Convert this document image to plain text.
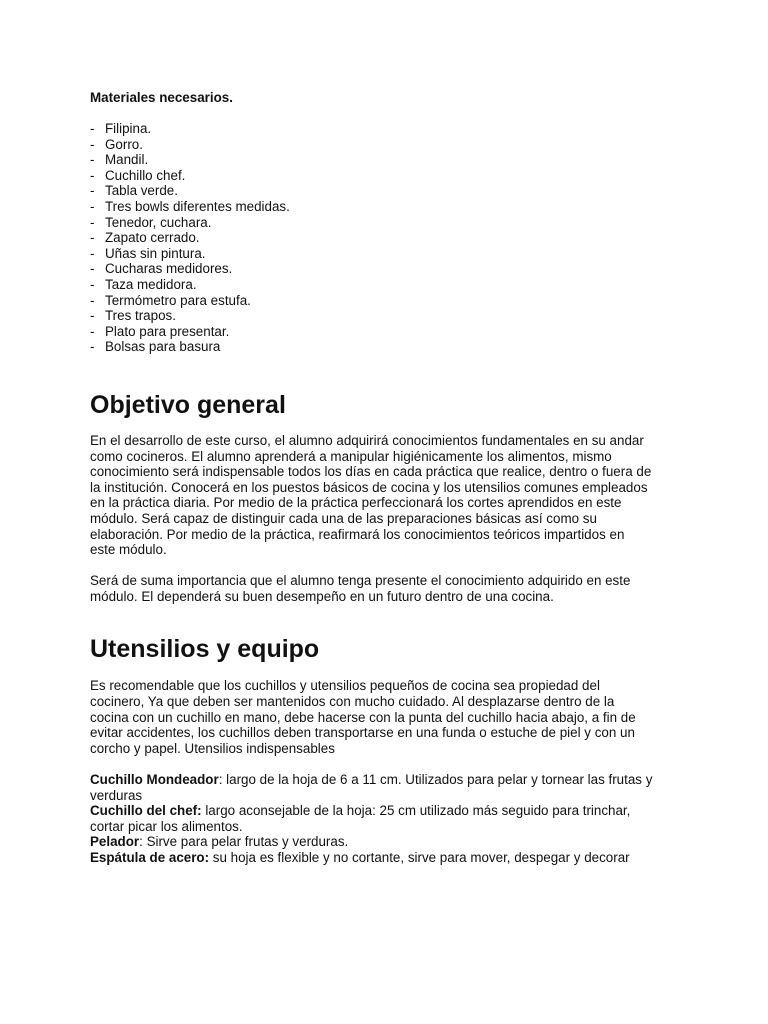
Materiales necesarios.
- Filipina.
- Gorro.
- Mandil.
- Cuchillo chef.
- Tabla verde.
- Tres bowls diferentes medidas.
- Tenedor, cuchara.
- Zapato cerrado.
- Uñas sin pintura.
- Cucharas medidores.
- Taza medidora.
- Termómetro para estufa.
- Tres trapos.
- Plato para presentar.
- Bolsas para basura
Objetivo general

En el desarrollo de este curso, el alumno adquirirá conocimientos fundamentales en su andar
como cocineros. El alumno aprenderá a manipular higiénicamente los alimentos, mismo
conocimiento será indispensable todos los días en cada práctica que realice, dentro o fuera de
la institución. Conocerá en los puestos básicos de cocina y los utensilios comunes empleados
en la práctica diaria. Por medio de la práctica perfeccionará los cortes aprendidos en este
módulo. Será capaz de distinguir cada una de las preparaciones básicas así como su
elaboración. Por medio de la práctica, reafirmará los conocimientos teóricos impartidos en
este módulo.

Será de suma importancia que el alumno tenga presente el conocimiento adquirido en este
módulo. El dependerá su buen desempeño en un futuro dentro de una cocina.

Utensilios y equipo

Es recomendable que los cuchillos y utensilios pequeños de cocina sea propiedad del
cocinero, Ya que deben ser mantenidos con mucho cuidado. Al desplazarse dentro de la
cocina con un cuchillo en mano, debe hacerse con la punta del cuchillo hacia abajo, a fin de
evitar accidentes, los cuchillos deben transportarse en una funda o estuche de piel y con un
corcho y papel. Utensilios indispensables

Cuchillo Mondeador: largo de la hoja de 6 a 11 cm. Utilizados para pelar y tornear las frutas y
verduras
Cuchillo del chef: largo aconsejable de la hoja: 25 cm utilizado más seguido para trinchar,
cortar picar los alimentos.
Pelador: Sirve para pelar frutas y verduras.
Espátula de acero: su hoja es flexible y no cortante, sirve para mover, despegar y decorar
